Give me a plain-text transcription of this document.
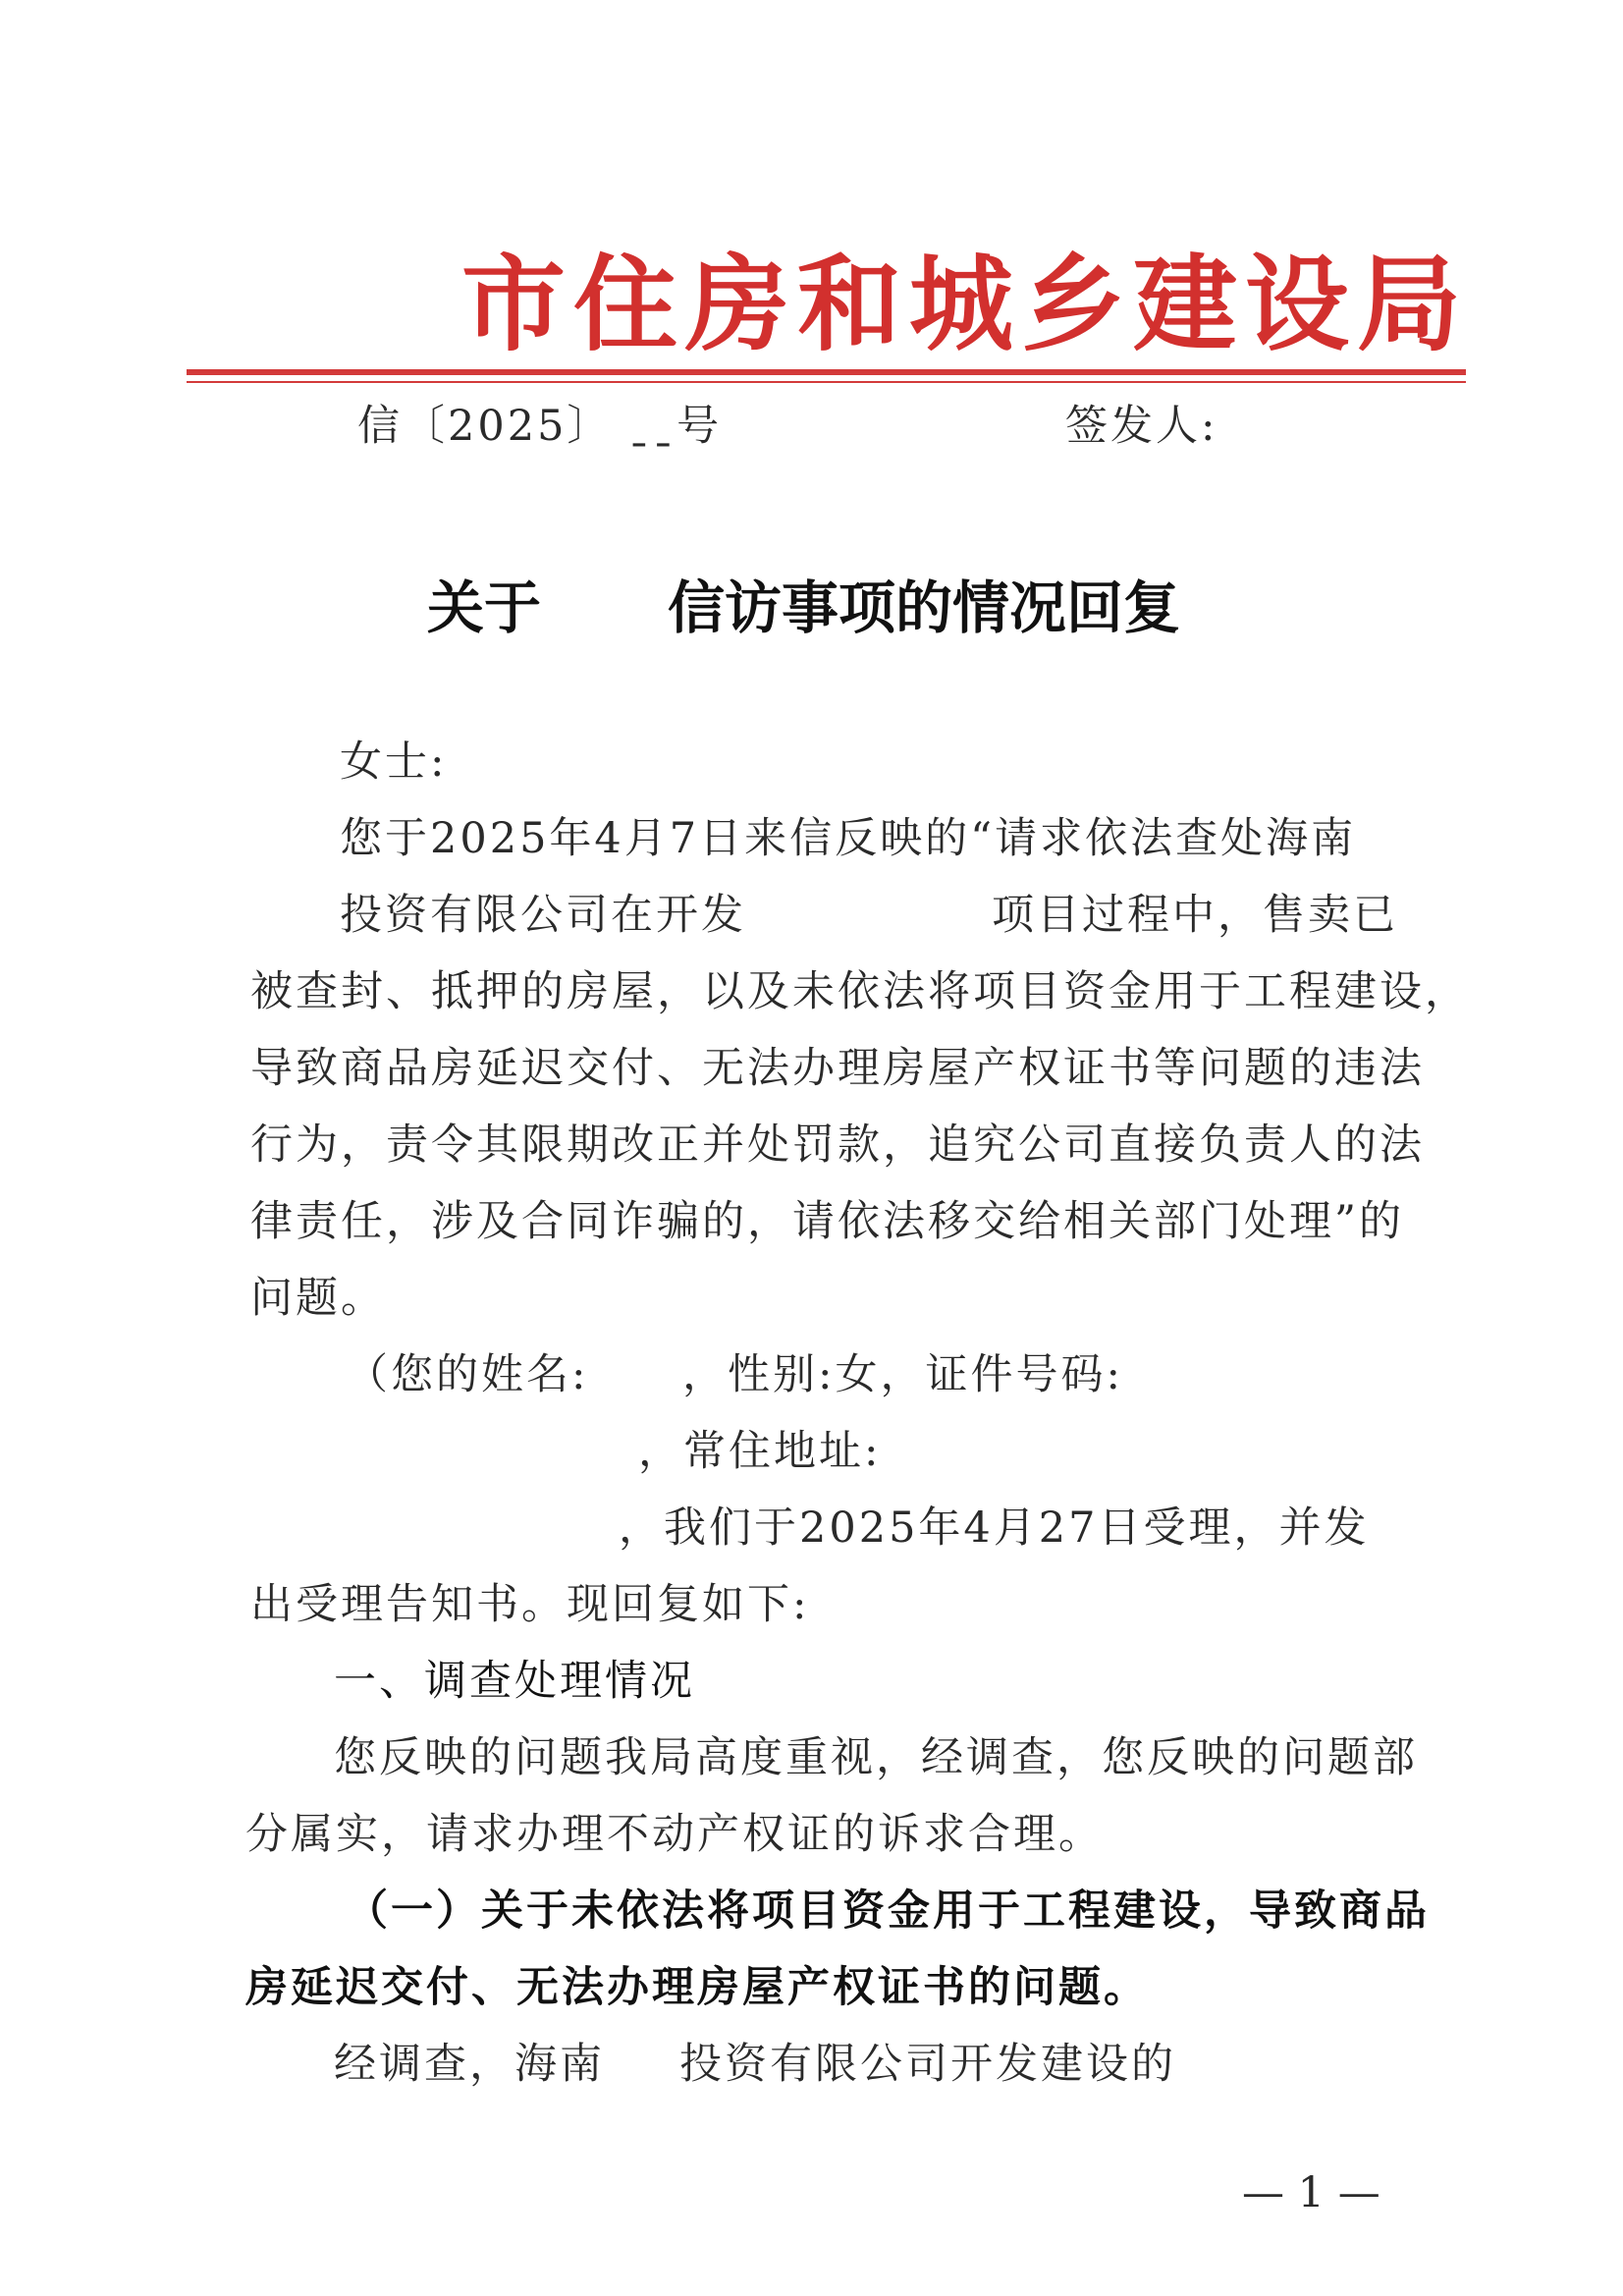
市住房和城乡建设局
信〔2025〕 ˍˍ号	签发人:
关于 信访事项的情况回复
女士:
您于2025年4月7日来信反映的“请求依法查处海南
投资有限公司在开发	项目过程中，售卖已
被查封、抵押的房屋，以及未依法将项目资金用于工程建设，
导致商品房延迟交付、无法办理房屋产权证书等问题的违法
行为，责令其限期改正并处罚款，追究公司直接负责人的法
律责任，涉及合同诈骗的，请依法移交给相关部门处理”的
问题。
（您的姓名: ，性别:女，证件号码:
，常住地址:
，我们于2025年4月27日受理，并发
出受理告知书。现回复如下:
一、调查处理情况
您反映的问题我局高度重视，经调查，您反映的问题部
分属实，请求办理不动产权证的诉求合理。
（一）关于未依法将项目资金用于工程建设，导致商品
房延迟交付、无法办理房屋产权证书的问题。
经调查，海南 投资有限公司开发建设的
— 1 —
